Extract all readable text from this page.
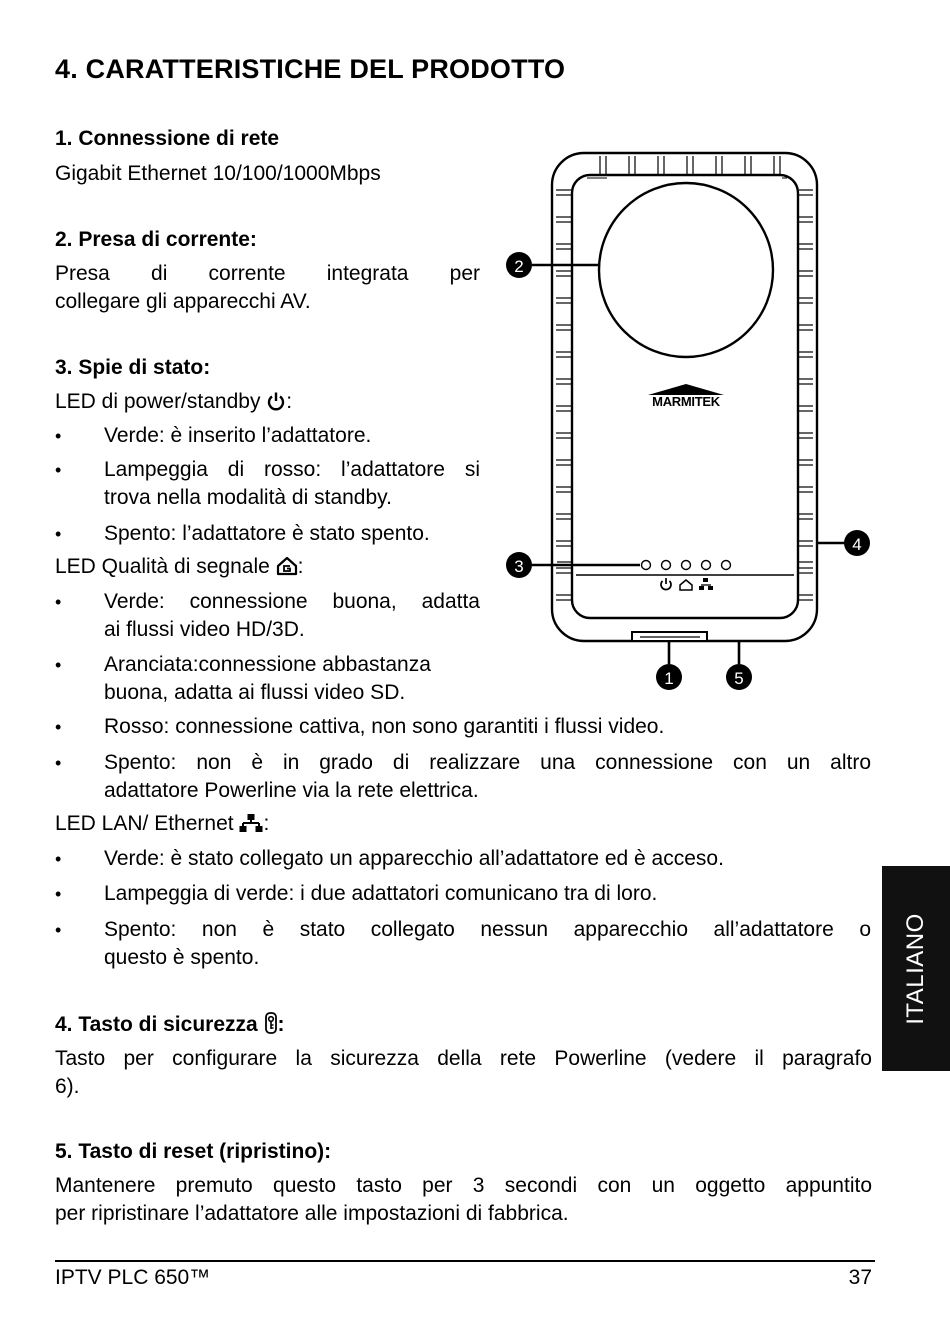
4. CARATTERISTICHE DEL PRODOTTO
1. Connessione di rete
Gigabit Ethernet 10/100/1000Mbps
2. Presa di corrente:
Presa di corrente integrata per
collegare gli apparecchi AV.
3. Spie di stato:
LED di power/standby :
• Verde: è inserito l’adattatore.
• Lampeggia di rosso: l’adattatore si
trova nella modalità di standby.
• Spento: l’adattatore è stato spento.
LED Qualità di segnale :
• Verde: connessione buona, adatta
ai flussi video HD/3D.
• Aranciata:connessione abbastanza
buona, adatta ai flussi video SD.
• Rosso: connessione cattiva, non sono garantiti i flussi video.
• Spento: non è in grado di realizzare una connessione con un altro
adattatore Powerline via la rete elettrica.
LED LAN/ Ethernet :
• Verde: è stato collegato un apparecchio all’adattatore ed è acceso.
• Lampeggia di verde: i due adattatori comunicano tra di loro.
• Spento: non è stato collegato nessun apparecchio all’adattatore o
questo è spento.
4. Tasto di sicurezza :
Tasto per configurare la sicurezza della rete Powerline (vedere il paragrafo
6).
5. Tasto di reset (ripristino):
Mantenere premuto questo tasto per 3 secondi con un oggetto appuntito
per ripristinare l’adattatore alle impostazioni di fabbrica.
MARMITEK
2
3
4
1	5
ITALIANO
IPTV PLC 650™	37
